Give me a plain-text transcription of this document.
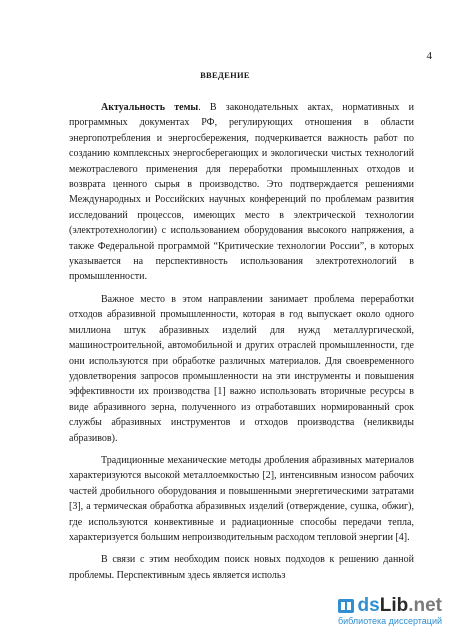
4
ВВЕДЕНИЕ

Актуальность темы. В законодательных актах, нормативных и программных документах РФ, регулирующих отношения в области энергопотребления и энергосбережения, подчеркивается важность работ по созданию комплексных энергосберегающих и экологически чистых технологий межотраслевого применения для переработки промышленных отходов и возврата ценного сырья в производство. Это подтверждается решениями Международных и Российских научных конференций по проблемам развития исследований процессов, имеющих место в электрической технологии (электротехнологии) с использованием оборудования высокого напряжения, а также Федеральной программой “Критические технологии России”, в которых указывается на перспективность использования электротехнологий в промышленности.

Важное место в этом направлении занимает проблема переработки отходов абразивной промышленности, которая в год выпускает около одного миллиона штук абразивных изделий для нужд металлургической, машиностроительной, автомобильной и других отраслей промышленности, где они используются при обработке различных материалов. Для своевременного удовлетворения запросов промышленности на эти инструменты и повышения эффективности их производства [1] важно использовать вторичные ресурсы в виде абразивного зерна, полученного из отработавших нормированный срок службы абразивных инструментов и отходов производства (неликвиды абразивов).

Традиционные механические методы дробления абразивных материалов характеризуются высокой металлоемкостью [2], интенсивным износом рабочих частей дробильного оборудования и повышенными энергетическими затратами [3], а термическая обработка абразивных изделий (отверждение, сушка, обжиг), где используются конвективные и радиационные способы передачи тепла, характеризуется большим непроизводительным расходом тепловой энергии [4].

В связи с этим необходим поиск новых подходов к решению данной проблемы. Перспективным здесь является использ

dsLib.net
библиотека диссертаций
